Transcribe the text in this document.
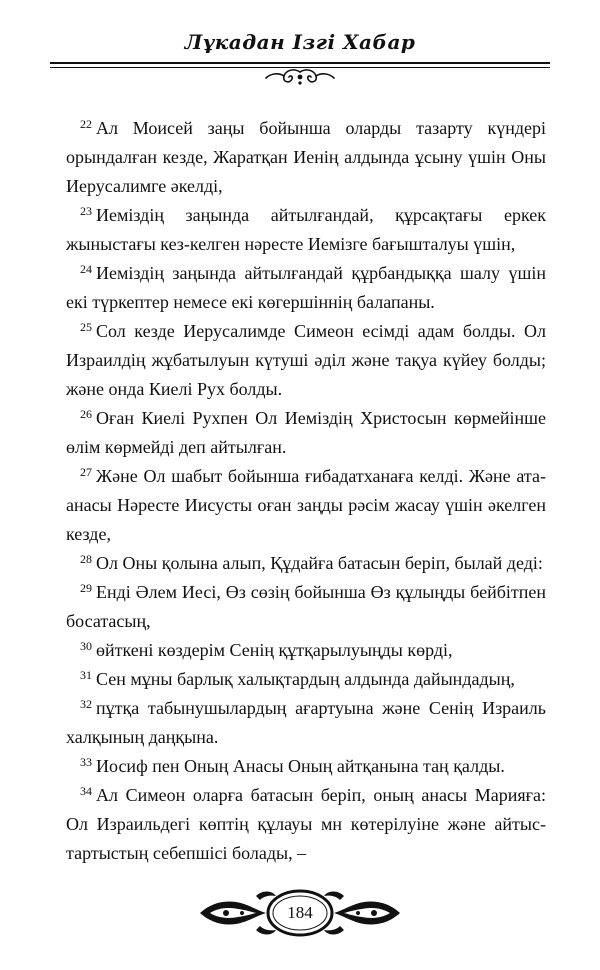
Лұкадан Ізгі Хабар

$^{22}$ Ал Моисей заңы бойынша оларды тазарту күндері орындалған кезде, Жаратқан Иенің алдында ұсыну үшін Оны Иерусалимге әкелді,

$^{23}$ Иеміздің заңында айтылғандай, құрсақтағы еркек жыныстағы кез-келген нәресте Иемізге бағышталуы үшін,

$^{24}$ Иеміздің заңында айтылғандай құрбандыққа шалу үшін екі түркептер немесе екі көгершіннің балапаны.

$^{25}$ Сол кезде Иерусалимде Симеон есімді адам болды. Ол Израилдің жұбатылуын күтуші әділ және тақуа күйеу болды; және онда Киелі Рух болды.

$^{26}$ Оған Киелі Рухпен Ол Иеміздің Христосын көрмейінше өлім көрмейді деп айтылған.

$^{27}$ Және Ол шабыт бойынша ғибадатханаға келді. Және ата-анасы Нәресте Иисусты оған заңды рәсім жасау үшін әкелген кезде,

$^{28}$ Ол Оны қолына алып, Құдайға батасын беріп, былай деді:

$^{29}$ Енді Әлем Иесі, Өз сөзің бойынша Өз құлыңды бейбітпен босатасың,

$^{30}$ өйткені көздерім Сенің құтқарылуыңды көрді,

$^{31}$ Сен мұны барлық халықтардың алдында дайындадың,

$^{32}$ пұтқа табынушылардың ағартуына және Сенің Израиль халқының даңқына.

$^{33}$ Иосиф пен Оның Анасы Оның айтқанына таң қалды.

$^{34}$ Ал Симеон оларға батасын беріп, оның анасы Марияға: Ол Израильдегі көптің құлауы мн көтерілуіне және айтыс-тартыстың себепшісі болады, –

184
